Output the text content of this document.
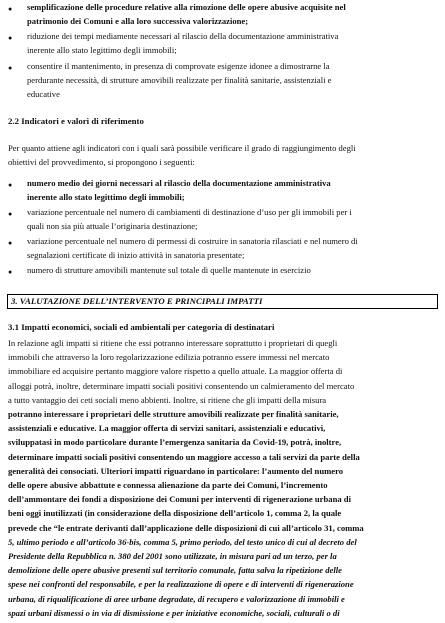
● semplificazione delle procedure relative alla rimozione delle opere abusive acquisite nel
patrimonio dei Comuni e alla loro successiva valorizzazione;

● riduzione dei tempi mediamente necessari al rilascio della documentazione amministrativa
inerente allo stato legittimo degli immobili;

● consentire il mantenimento, in presenza di comprovate esigenze idonee a dimostrarne la
perdurante necessità, di strutture amovibili realizzate per finalità sanitarie, assistenziali e
educative

2.2 Indicatori e valori di riferimento

Per quanto attiene agli indicatori con i quali sarà possibile verificare il grado di raggiungimento degli
obiettivi del provvedimento, si propongono i seguenti:

● numero medio dei giorni necessari al rilascio della documentazione amministrativa
inerente allo stato legittimo degli immobili;

● variazione percentuale nel numero di cambiamenti di destinazione d’uso per gli immobili per i
quali non sia più attuale l’originaria destinazione;

● variazione percentuale nel numero di permessi di costruire in sanatoria rilasciati e nel numero di
segnalazioni certificate di inizio attività in sanatoria presentate;

● numero di strutture amovibili mantenute sul totale di quelle mantenute in esercizio

3. VALUTAZIONE DELL’INTERVENTO E PRINCIPALI IMPATTI

3.1 Impatti economici, sociali ed ambientali per categoria di destinatari

In relazione agli impatti si ritiene che essi potranno interessare soprattutto i proprietari di quegli
immobili che attraverso la loro regolarizzazione edilizia potranno essere immessi nel mercato
immobiliare ed acquisire pertanto maggiore valore rispetto a quello attuale. La maggior offerta di
alloggi potrà, inoltre, determinare impatti sociali positivi consentendo un calmieramento del mercato
a tutto vantaggio dei ceti sociali meno abbienti. Inoltre, si ritiene che gli impatti della misura
potranno interessare i proprietari delle strutture amovibili realizzate per finalità sanitarie,
assistenziali e educative. La maggior offerta di servizi sanitari, assistenziali e educativi,
sviluppatasi in modo particolare durante l’emergenza sanitaria da Covid-19, potrà, inoltre,
determinare impatti sociali positivi consentendo un maggiore accesso a tali servizi da parte della
generalità dei consociati. Ulteriori impatti riguardano in particolare: l’aumento del numero
delle opere abusive abbattute e connessa alienazione da parte dei Comuni, l’incremento
dell’ammontare dei fondi a disposizione dei Comuni per interventi di rigenerazione urbana di
beni oggi inutilizzati (in considerazione della disposizione dell’articolo 1, comma 2, la quale
prevede che “le entrate derivanti dall’applicazione delle disposizioni di cui all’articolo 31, comma
5, ultimo periodo e all’articolo 36-bis, comma 5, primo periodo, del testo unico di cui al decreto del
Presidente della Repubblica n. 380 del 2001 sono utilizzate, in misura pari ad un terzo, per la
demolizione delle opere abusive presenti sul territorio comunale, fatta salva la ripetizione delle
spese nei confronti del responsabile, e per la realizzazione di opere e di interventi di rigenerazione
urbana, di riqualificazione di aree urbane degradate, di recupero e valorizzazione di immobili e
spazi urbani dismessi o in via di dismissione e per iniziative economiche, sociali, culturali o di
